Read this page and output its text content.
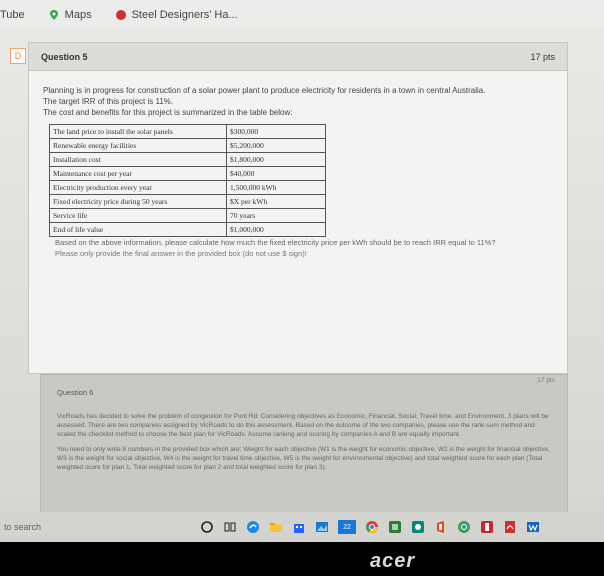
Tube	Maps	Steel Designers' Ha...
D	Question 5	17 pts

Planning is in progress for construction of a solar power plant to produce electricity for residents in a town in central Australia.

The target IRR of this project is 11%.

The cost and benefits for this project is summarized in the table below:

The land price to install the solar panels	$300,000
Renewable energy facilities	$5,200,000
Installation cost	$1,800,000
Maintenance cost per year	$40,000
Electricity production every year	1,500,000 kWh
Fixed electricity price during 50 years	$X per kWh
Service life	70 years
End of life value	$1,000,000

Based on the above information, please calculate how much the fixed electricity price per kWh should be to reach IRR equal to 11%?

Please only provide the final answer in the provided box (do not use $ sign)!

Question 6
17 pts

VicRoads has decided to solve the problem of congestion for Punt Rd. Considering objectives as Economic, Financial, Social, Travel time, and Environment, 3 plans will be assessed. There are two companies assigned by VicRoads to do this assessment. Based on the outcome of the two companies, please use the rank-sum method and scaled the checklist method to choose the best plan for VicRoads. Assume ranking and scoring by companies A and B are equally important.

You need to only write 8 numbers in the provided box which are: Weight for each objective (W1 is the weight for economic objective, W2 is the weight for financial objective, W3 is the weight for social objective, W4 is the weight for travel time objective, W5 is the weight for environmental objective) and total weighted score for each plan (Total weighted score for plan 1, Total weighted score for plan 2 and total weighted score for plan 3).

to search	22
acer
